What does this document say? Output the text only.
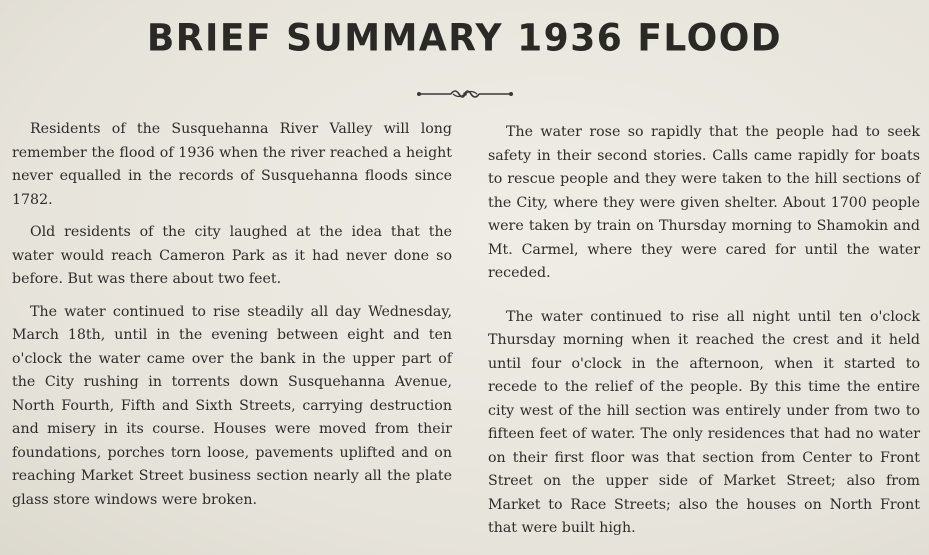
BRIEF SUMMARY 1936 FLOOD

Residents of the Susquehanna River Valley will long remember the flood of 1936 when the river reached a height never equalled in the records of Susquehanna floods since 1782.

Old residents of the city laughed at the idea that the water would reach Cameron Park as it had never done so before. But was there about two feet.

The water continued to rise steadily all day Wednesday, March 18th, until in the evening between eight and ten o'clock the water came over the bank in the upper part of the City rushing in torrents down Susquehanna Avenue, North Fourth, Fifth and Sixth Streets, carrying destruction and misery in its course. Houses were moved from their foundations, porches torn loose, pavements uplifted and on reaching Market Street business section nearly all the plate glass store windows were broken.

The water rose so rapidly that the people had to seek safety in their second stories. Calls came rapidly for boats to rescue people and they were taken to the hill sections of the City, where they were given shelter. About 1700 people were taken by train on Thursday morning to Shamokin and Mt. Carmel, where they were cared for until the water receded.

The water continued to rise all night until ten o'clock Thursday morning when it reached the crest and it held until four o'clock in the afternoon, when it started to recede to the relief of the people. By this time the entire city west of the hill section was entirely under from two to fifteen feet of water. The only residences that had no water on their first floor was that section from Center to Front Street on the upper side of Market Street; also from Market to Race Streets; also the houses on North Front that were built high.
